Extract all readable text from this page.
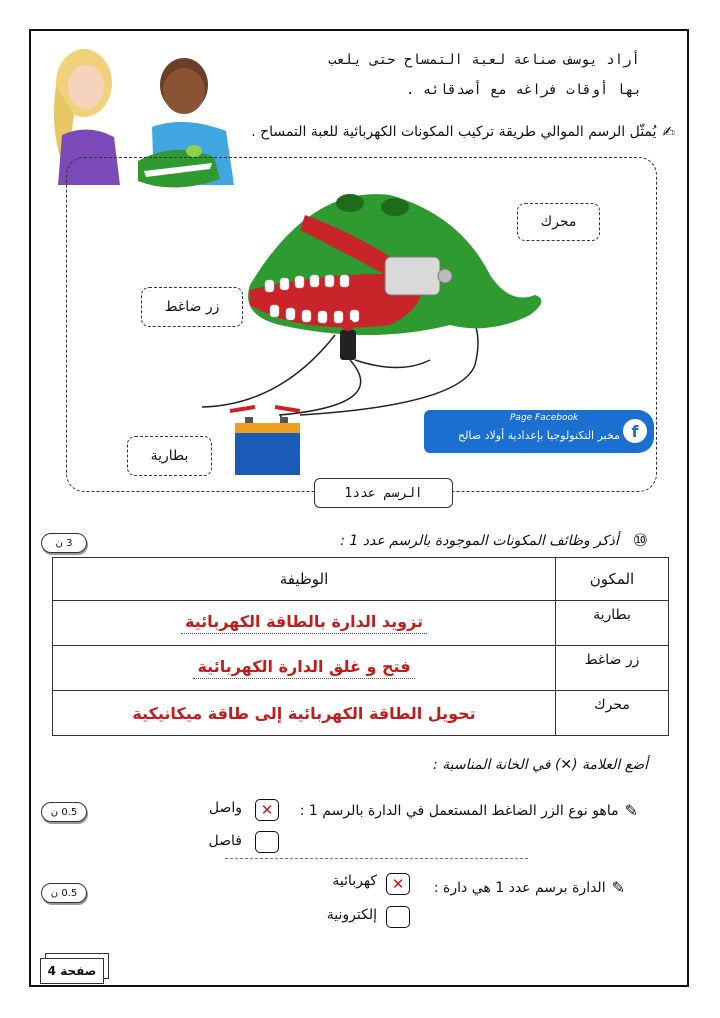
أراد يوسف صناعة لعبة التمساح حتى يلعب
بها أوقات فراغه مع أصدقائه .
✍
يُمثّل الرسم الموالي طريقة تركيب المكونات الكهربائية للعبة التمساح .
محرك
زر ضاغط
بطارية
Page Facebook
مخبر التكنولوجيا بإعدادية أولاد صالح f
الرسم عدد1
3 ن	⑩
أذكر وظائف المكونات الموجودة بالرسم عدد 1 :
المكون	الوظيفة
بطارية	تزويد الدارة بالطاقة الكهربائية
زر ضاغط	فتح و غلق الدارة الكهربائية
محرك	تحويل الطاقة الكهربائية إلى طاقة ميكانيكية
أضع العلامة (✕) في الخانة المناسبة :
0.5 ن	✎
ماهو نوع الزر الضاغط المستعمل في الدارة بالرسم 1 :
✕
واصل
فاصل
0.5 ن	✎
الدارة برسم عدد 1 هي دارة :
✕
كهربائية
إلكترونية
صفحة 4
